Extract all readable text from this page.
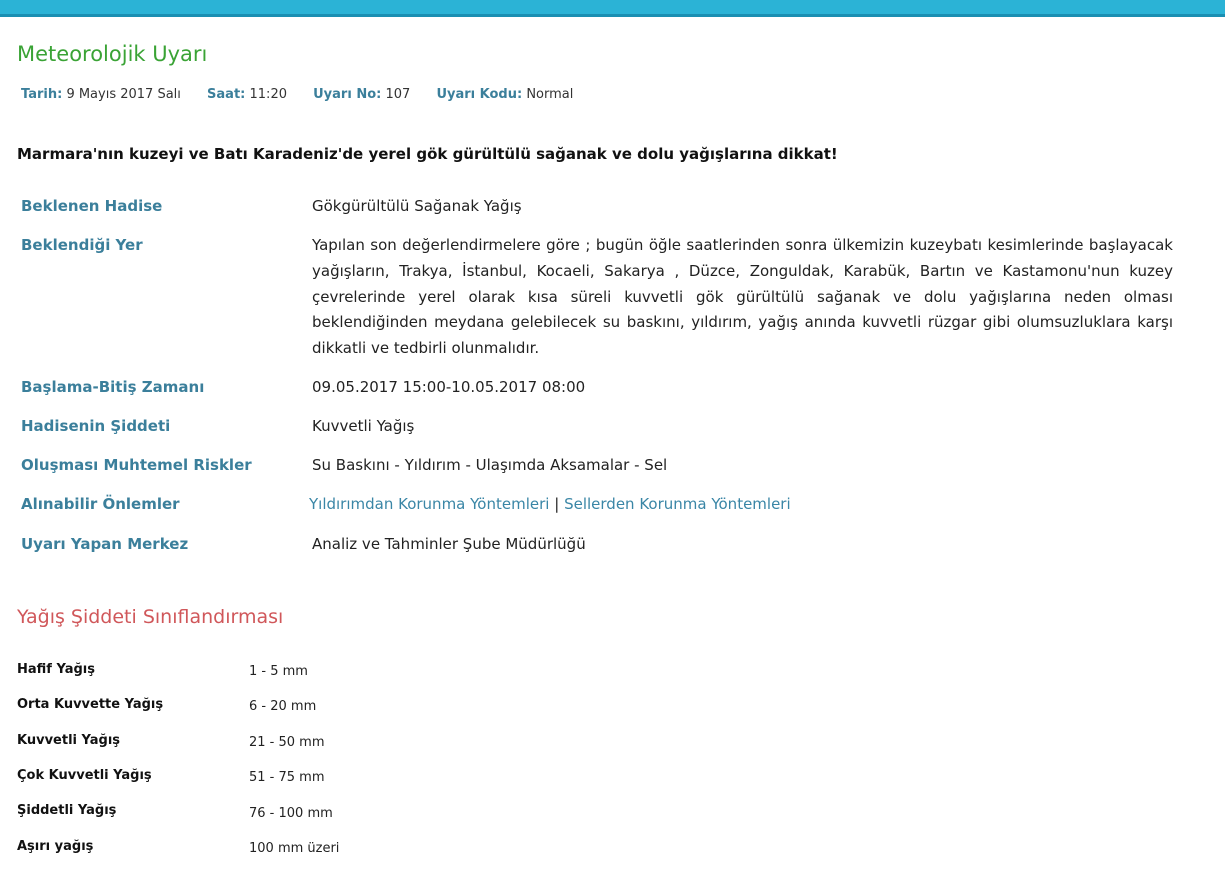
Meteorolojik Uyarı
Tarih: 9 Mayıs 2017 Salı Saat: 11:20 Uyarı No: 107 Uyarı Kodu: Normal
Marmara'nın kuzeyi ve Batı Karadeniz'de yerel gök gürültülü sağanak ve dolu yağışlarına dikkat!
Beklenen Hadise	Gökgürültülü Sağanak Yağış
Beklendiği Yer	Yapılan son değerlendirmelere göre ; bugün öğle saatlerinden sonra ülkemizin kuzeybatı kesimlerinde başlayacak yağışların, Trakya, İstanbul, Kocaeli, Sakarya , Düzce, Zonguldak, Karabük, Bartın ve Kastamonu'nun kuzey çevrelerinde yerel olarak kısa süreli kuvvetli gök gürültülü sağanak ve dolu yağışlarına neden olması beklendiğinden meydana gelebilecek su baskını, yıldırım, yağış anında kuvvetli rüzgar gibi olumsuzluklara karşı dikkatli ve tedbirli olunmalıdır.
Başlama-Bitiş Zamanı	09.05.2017 15:00-10.05.2017 08:00
Hadisenin Şiddeti	Kuvvetli Yağış
Oluşması Muhtemel Riskler	Su Baskını - Yıldırım - Ulaşımda Aksamalar - Sel
Alınabilir Önlemler	Yıldırımdan Korunma Yöntemleri | Sellerden Korunma Yöntemleri
Uyarı Yapan Merkez	Analiz ve Tahminler Şube Müdürlüğü
Yağış Şiddeti Sınıflandırması
Hafif Yağış	1 - 5 mm
Orta Kuvvette Yağış	6 - 20 mm
Kuvvetli Yağış	21 - 50 mm
Çok Kuvvetli Yağış	51 - 75 mm
Şiddetli Yağış	76 - 100 mm
Aşırı yağış	100 mm üzeri
